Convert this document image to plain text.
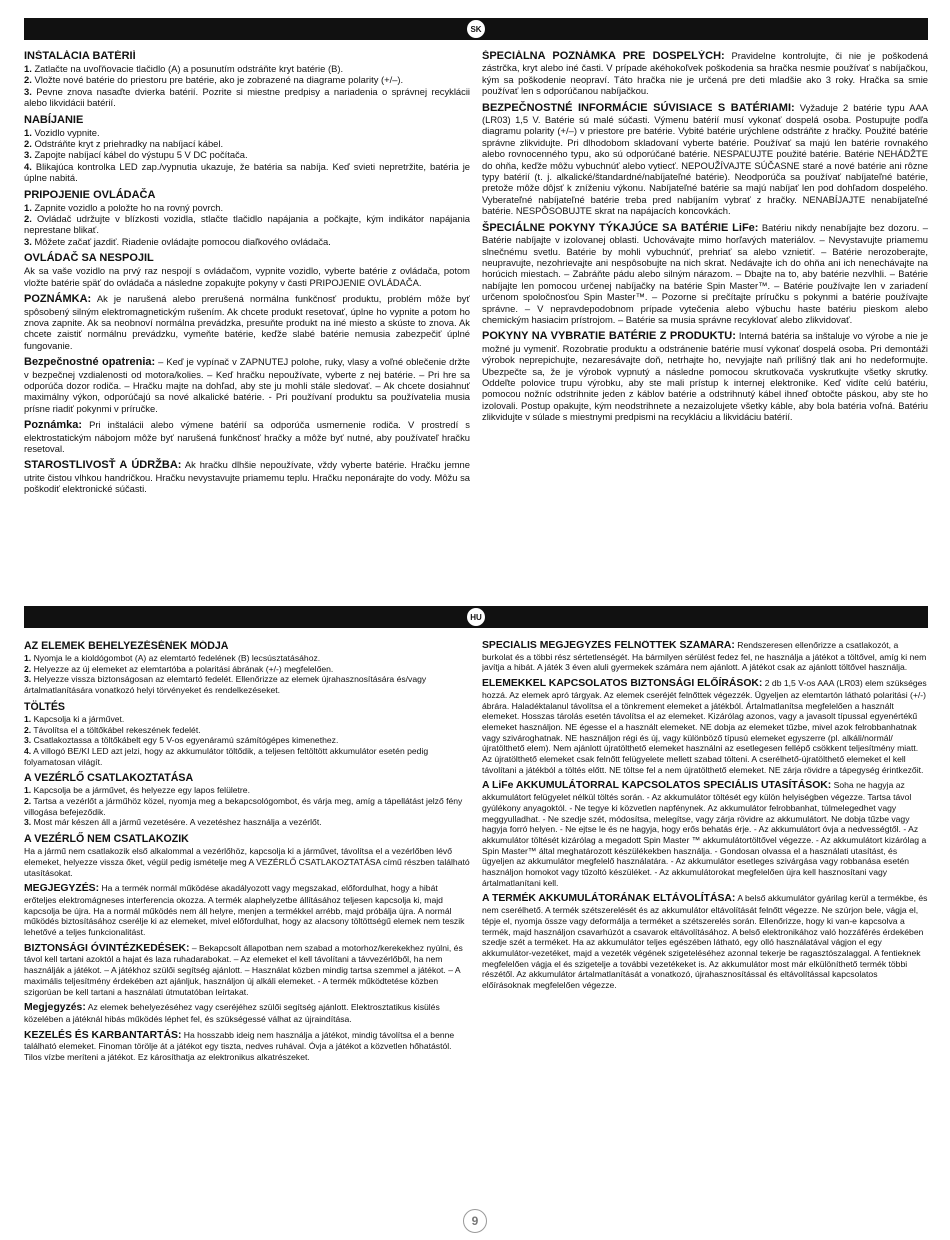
SK
INŠTALÁCIA BATÉRIÍ

1. Zatlačte na uvoľňovacie tlačidlo (A) a posunutím odstráňte kryt batérie (B).

2. Vložte nové batérie do priestoru pre batérie, ako je zobrazené na diagrame polarity (+/–).

3. Pevne znova nasaďte dvierka batérií. Pozrite si miestne predpisy a nariadenia o správnej recyklácii alebo likvidácii batérií.

NABÍJANIE

1. Vozidlo vypnite.

2. Odstráňte kryt z priehradky na nabíjací kábel.

3. Zapojte nabíjací kábel do výstupu 5 V DC počítača.

4. Blikajúca kontrolka LED zap./vypnutia ukazuje, že batéria sa nabíja. Keď svieti nepretržite, batéria je úplne nabitá.

PRIPOJENIE OVLÁDAČA

1. Zapnite vozidlo a položte ho na rovný povrch.

2. Ovládač udržujte v blízkosti vozidla, stlačte tlačidlo napájania a počkajte, kým indikátor napájania neprestane blikať.

3. Môžete začať jazdiť. Riadenie ovládajte pomocou diaľkového ovládača.

OVLÁDAČ SA NESPOJIL

Ak sa vaše vozidlo na prvý raz nespojí s ovládačom, vypnite vozidlo, vyberte batérie z ovládača, potom vložte batérie späť do ovládača a následne zopakujte pokyny v časti PRIPOJENIE OVLÁDAČA.

POZNÁMKA: Ak je narušená alebo prerušená normálna funkčnosť produktu, problém môže byť spôsobený silným elektromagnetickým rušením. Ak chcete produkt resetovať, úplne ho vypnite a potom ho znova zapnite. Ak sa neobnoví normálna prevádzka, presuňte produkt na iné miesto a skúste to znova. Ak chcete zaistiť normálnu prevádzku, vymeňte batérie, keďže slabé batérie nemusia zabezpečiť úplné fungovanie.

Bezpečnostné opatrenia: – Keď je vypínač v ZAPNUTEJ polohe, ruky, vlasy a voľné oblečenie držte v bezpečnej vzdialenosti od motora/kolies. – Keď hračku nepoužívate, vyberte z nej batérie. – Pri hre sa odporúča dozor rodiča. – Hračku majte na dohľad, aby ste ju mohli stále sledovať. – Ak chcete dosiahnuť maximálny výkon, odporúčajú sa nové alkalické batérie. - Pri používaní produktu sa používatelia musia prísne riadiť pokynmi v príručke.

Poznámka: Pri inštalácii alebo výmene batérií sa odporúča usmernenie rodiča. V prostredí s elektrostatickým nábojom môže byť narušená funkčnosť hračky a môže byť nutné, aby používateľ hračku resetoval.

STAROSTLIVOSŤ A ÚDRŽBA: Ak hračku dlhšie nepoužívate, vždy vyberte batérie. Hračku jemne utrite čistou vlhkou handričkou. Hračku nevystavujte priamemu teplu. Hračku neponárajte do vody. Môžu sa poškodiť elektronické súčasti.

ŠPECIÁLNA POZNÁMKA PRE DOSPELÝCH: Pravidelne kontrolujte, či nie je poškodená zástrčka, kryt alebo iné časti. V prípade akéhokoľvek poškodenia sa hračka nesmie používať s nabíjačkou, kým sa poškodenie neopraví. Táto hračka nie je určená pre deti mladšie ako 3 roky. Hračka sa smie používať len s odporúčanou nabíjačkou.

BEZPEČNOSTNÉ INFORMÁCIE SÚVISIACE S BATÉRIAMI: Vyžaduje 2 batérie typu AAA (LR03) 1,5 V. Batérie sú malé súčasti. Výmenu batérií musí vykonať dospelá osoba. Postupujte podľa diagramu polarity (+/–) v priestore pre batérie. Vybité batérie urýchlene odstráňte z hračky. Použité batérie správne zlikvidujte. Pri dlhodobom skladovaní vyberte batérie. Používať sa majú len batérie rovnakého alebo rovnocenného typu, ako sú odporúčané batérie. NESPAĽUJTE použité batérie. Batérie NEHÁDŽTE do ohňa, keďže môžu vybuchnúť alebo vytiecť. NEPOUŽÍVAJTE SÚČASNE staré a nové batérie ani rôzne typy batérií (t. j. alkalické/štandardné/nabíjateľné batérie). Neodporúča sa používať nabíjateľné batérie, pretože môže dôjsť k zníženiu výkonu. Nabíjateľné batérie sa majú nabíjať len pod dohľadom dospelého. Vyberateľné nabíjateľné batérie treba pred nabíjaním vybrať z hračky. NENABÍJAJTE nenabíjateľné batérie. NESPÔSOBUJTE skrat na napájacích koncovkách.

ŠPECIÁLNE POKYNY TÝKAJÚCE SA BATÉRIE LiFe: Batériu nikdy nenabíjajte bez dozoru. – Batérie nabíjajte v izolovanej oblasti. Uchovávajte mimo horľavých materiálov. – Nevystavujte priamemu slnečnému svetlu. Batérie by mohli vybuchnúť, prehriať sa alebo vznietiť. – Batérie nerozoberajte, neupravujte, nezohrievajte ani nespôsobujte na nich skrat. Nedávajte ich do ohňa ani ich nenechávajte na horúcich miestach. – Zabráňte pádu alebo silným nárazom. – Dbajte na to, aby batérie nezvlhli. – Batérie nabíjajte len pomocou určenej nabíjačky na batérie Spin Master™. – Batérie používajte len v zariadení určenom spoločnosťou Spin Master™. – Pozorne si prečítajte príručku s pokynmi a batérie používajte správne. – V nepravdepodobnom prípade vytečenia alebo výbuchu haste batériu pieskom alebo chemickým hasiacim prístrojom. – Batérie sa musia správne recyklovať alebo zlikvidovať.

POKYNY NA VYBRATIE BATÉRIE Z PRODUKTU: Interná batéria sa inštaluje vo výrobe a nie je možné ju vymeniť. Rozobratie produktu a odstránenie batérie musí vykonať dospelá osoba. Pri demontáži výrobok neprepichujte, nezaresávajte doň, netrhajte ho, nevyjajte naň prílišný tlak ani ho nedeformujte. Ubezpečte sa, že je výrobok vypnutý a následne pomocou skrutkovača vyskrutkujte všetky skrutky. Oddeľte polovice trupu výrobku, aby ste mali prístup k internej elektronike. Keď vidíte celú batériu, pomocou nožníc odstrihnite jeden z káblov batérie a odstrihnutý kábel ihneď obtočte páskou, aby ste ho izolovali. Postup opakujte, kým neodstrihnete a nezaizolujete všetky káble, aby bola batéria voľná. Batériu zlikvidujte v súlade s miestnymi predpismi na recykláciu a likvidáciu batérií.

HU
AZ ELEMEK BEHELYEZÉSÉNEK MÓDJA

1. Nyomja le a kioldógombot (A) az elemtartó fedelének (B) lecsúsztatásához.

2. Helyezze az új elemeket az elemtartóba a polaritási ábrának (+/-) megfelelően.

3. Helyezze vissza biztonságosan az elemtartó fedelét. Ellenőrizze az elemek újrahasznosítására és/vagy ártalmatlanítására vonatkozó helyi törvényeket és rendelkezéseket.

TÖLTÉS

1. Kapcsolja ki a járművet.

2. Távolítsa el a töltőkábel rekeszének fedelét.

3. Csatlakoztassa a töltőkábelt egy 5 V-os egyenáramú számítógépes kimenethez.

4. A villogó BE/KI LED azt jelzi, hogy az akkumulátor töltődik, a teljesen feltöltött akkumulátor esetén pedig folyamatosan világít.

A VEZÉRLŐ CSATLAKOZTATÁSA

1. Kapcsolja be a járművet, és helyezze egy lapos felületre.

2. Tartsa a vezérlőt a járműhöz közel, nyomja meg a bekapcsológombot, és várja meg, amíg a tápellátást jelző fény villogása befejeződik.

3. Most már készen áll a jármű vezetésére. A vezetéshez használja a vezérlőt.

A VEZÉRLŐ NEM CSATLAKOZIK

Ha a jármű nem csatlakozik első alkalommal a vezérlőhöz, kapcsolja ki a járművet, távolítsa el a vezérlőben lévő elemeket, helyezze vissza őket, végül pedig ismételje meg A VEZÉRLŐ CSATLAKOZTATÁSA című részben található utasításokat.

MEGJEGYZÉS: Ha a termék normál működése akadályozott vagy megszakad, előfordulhat, hogy a hibát erőteljes elektromágneses interferencia okozza. A termék alaphelyzetbe állításához teljesen kapcsolja ki, majd kapcsolja be újra. Ha a normál működés nem áll helyre, menjen a termékkel arrébb, majd próbálja újra. A normál működés biztosításához cserélje ki az elemeket, mivel előfordulhat, hogy az alacsony töltöttségű elemek nem teszik lehetővé a teljes funkcionalitást.

BIZTONSÁGI ÓVINTÉZKEDÉSEK: – Bekapcsolt állapotban nem szabad a motorhoz/kerekekhez nyúlni, és távol kell tartani azoktól a hajat és laza ruhadarabokat. – Az elemeket el kell távolítani a távvezérlőből, ha nem használják a játékot. – A játékhoz szülői segítség ajánlott. – Használat közben mindig tartsa szemmel a játékot. – A maximális teljesítmény érdekében azt ajánljuk, használjon új alkáli elemeket. - A termék működtetése közben szigorúan be kell tartani a használati útmutatóban leírtakat.

Megjegyzés: Az elemek behelyezéséhez vagy cseréjéhez szülői segítség ajánlott. Elektrosztatikus kisülés közelében a játéknál hibás működés léphet fel, és szükségessé válhat az újraindítása.

KEZELÉS ÉS KARBANTARTÁS: Ha hosszabb ideig nem használja a játékot, mindig távolítsa el a benne található elemeket. Finoman törölje át a játékot egy tiszta, nedves ruhával. Óvja a játékot a közvetlen hőhatástól. Tilos vízbe meríteni a játékot. Ez károsíthatja az elektronikus alkatrészeket.

SPECIÁLIS MEGJEGYZÉS FELNŐTTEK SZÁMÁRA: Rendszeresen ellenőrizze a csatlakozót, a burkolat és a többi rész sértetlenségét. Ha bármilyen sérülést fedez fel, ne használja a játékot a töltővel, amíg ki nem javítja a hibát. A játék 3 éven aluli gyermekek számára nem ajánlott. A játékot csak az ajánlott töltővel használja.

ELEMEKKEL KAPCSOLATOS BIZTONSÁGI ELŐÍRÁSOK: 2 db 1,5 V-os AAA (LR03) elem szükséges hozzá. Az elemek apró tárgyak. Az elemek cseréjét felnőttek végezzék. Ügyeljen az elemtartón látható polaritási (+/-) ábrára. Haladéktalanul távolítsa el a tönkrement elemeket a játékból. Ártalmatlanítsa megfelelően a használt elemeket. Hosszas tárolás esetén távolítsa el az elemeket. Kizárólag azonos, vagy a javasolt típussal egyenértékű elemeket használjon. NE égesse el a használt elemeket. NE dobja az elemeket tűzbe, mivel azok felrobbanhatnak vagy szivároghatnak. NE használjon régi és új, vagy különböző típusú elemeket egyszerre (pl. alkáli/normál/újratölthető elem). Nem ajánlott újratölthető elemeket használni az esetlegesen fellépő csökkent teljesítmény miatt. Az újratölthető elemeket csak felnőtt felügyelete mellett szabad tölteni. A cserélhető-újratölthető elemeket el kell távolítani a játékból a töltés előtt. NE töltse fel a nem újratölthető elemeket. NE zárja rövidre a tápegység érintkezőit.

A LiFe AKKUMULÁTORRAL KAPCSOLATOS SPECIÁLIS UTASÍTÁSOK: Soha ne hagyja az akkumulátort felügyelet nélkül töltés során. - Az akkumulátor töltését egy külön helyiségben végezze. Tartsa távol gyúlékony anyagoktól. - Ne tegye ki közvetlen napfénynek. Az akkumulátor felrobbanhat, túlmelegedhet vagy meggyulladhat. - Ne szedje szét, módosítsa, melegítse, vagy zárja rövidre az akkumulátort. Ne dobja tűzbe vagy hagyja forró helyen. - Ne ejtse le és ne hagyja, hogy erős behatás érje. - Az akkumulátort óvja a nedvességtől. - Az akkumulátor töltését kizárólag a megadott Spin Master ™ akkumulátortöltővel végezze. - Az akkumulátort kizárólag a Spin Master™ által meghatározott készülékekben használja. - Gondosan olvassa el a használati utasítást, és ügyeljen az akkumulátor megfelelő használatára. - Az akkumulátor esetleges szivárgása vagy robbanása esetén használjon homokot vagy tűzoltó készüléket. - Az akkumulátorokat megfelelően újra kell hasznosítani vagy ártalmatlanítani kell.

A TERMÉK AKKUMULÁTORÁNAK ELTÁVOLÍTÁSA: A belső akkumulátor gyárilag kerül a termékbe, és nem cserélhető. A termék szétszerelését és az akkumulátor eltávolítását felnőtt végezze. Ne szúrjon bele, vágja el, tépje el, nyomja össze vagy deformálja a terméket a szétszerelés során. Ellenőrizze, hogy ki van-e kapcsolva a termék, majd használjon csavarhúzót a csavarok eltávolításához. A belső elektronikához való hozzáférés érdekében szedje szét a terméket. Ha az akkumulátor teljes egészében látható, egy olló használatával vágjon el egy akkumulátor-vezetéket, majd a vezeték végének szigeteléséhez azonnal tekerje be ragasztószalaggal. A fentieknek megfelelően vágja el és szigetelje a további vezetékeket is. Az akkumulátor most már elkülöníthető termék többi részétől. Az akkumulátor ártalmatlanítását a vonatkozó, újrahasznosítással és eltávolítással kapcsolatos előírásoknak megfelelően végezze.

9
